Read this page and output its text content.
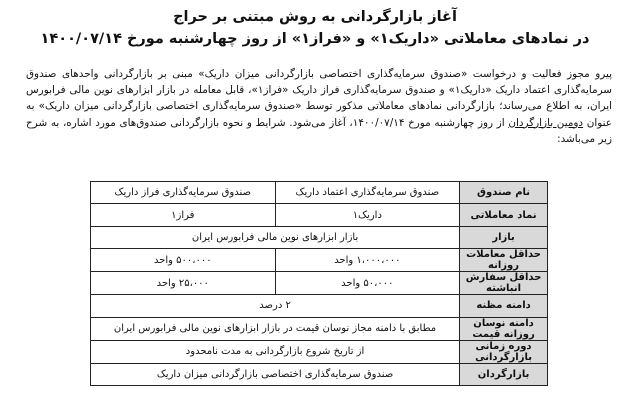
آغاز بازارگردانی به روش مبتنی بر حراج
در نمادهای معاملاتی «داریک۱» و «فراز۱» از روز چهارشنبه مورخ ۱۴۰۰/۰۷/۱۴

پیرو مجوز فعالیت و درخواست «صندوق سرمایه‌گذاری اختصاصی بازارگردانی میزان داریک» مبنی بر بازارگردانی واحدهای صندوق سرمایه‌گذاری اعتماد داریک «داریک۱» و صندوق سرمایه‌گذاری فراز داریک «فراز۱»، قابل معامله در بازار ابزارهای نوین مالی فرابورس ایران، به اطلاع می‌رساند؛ بازارگردانی نمادهای معاملاتی مذکور توسط «صندوق سرمایه‌گذاری اختصاصی بازارگردانی میزان داریک» به عنوان دومین بازارگردان از روز چهارشنبه مورخ ۱۴۰۰/۰۷/۱۴، آغاز می‌شود. شرایط و نحوه بازارگردانی صندوق‌های مورد اشاره، به شرح زیر می‌باشد:

نام صندوق	صندوق سرمایه‌گذاری اعتماد داریک	صندوق سرمایه‌گذاری فراز داریک
نماد معاملاتی	داریک۱	فراز۱
بازار	بازار ابزارهای نوین مالی فرابورس ایران	
حداقل معاملات روزانه	۱،۰۰۰،۰۰۰ واحد	۵۰۰،۰۰۰ واحد
حداقل سفارش انباشته	۵۰،۰۰۰ واحد	۲۵،۰۰۰ واحد
دامنه مظنه	۲ درصد	
دامنه نوسان روزانه قیمت	مطابق با دامنه مجاز نوسان قیمت در بازار ابزارهای نوین مالی فرابورس ایران	
دوره زمانی بازارگردانی	از تاریخ شروع بازارگردانی به مدت نامحدود	
بازارگردان	صندوق سرمایه‌گذاری اختصاصی بازارگردانی میزان داریک	
